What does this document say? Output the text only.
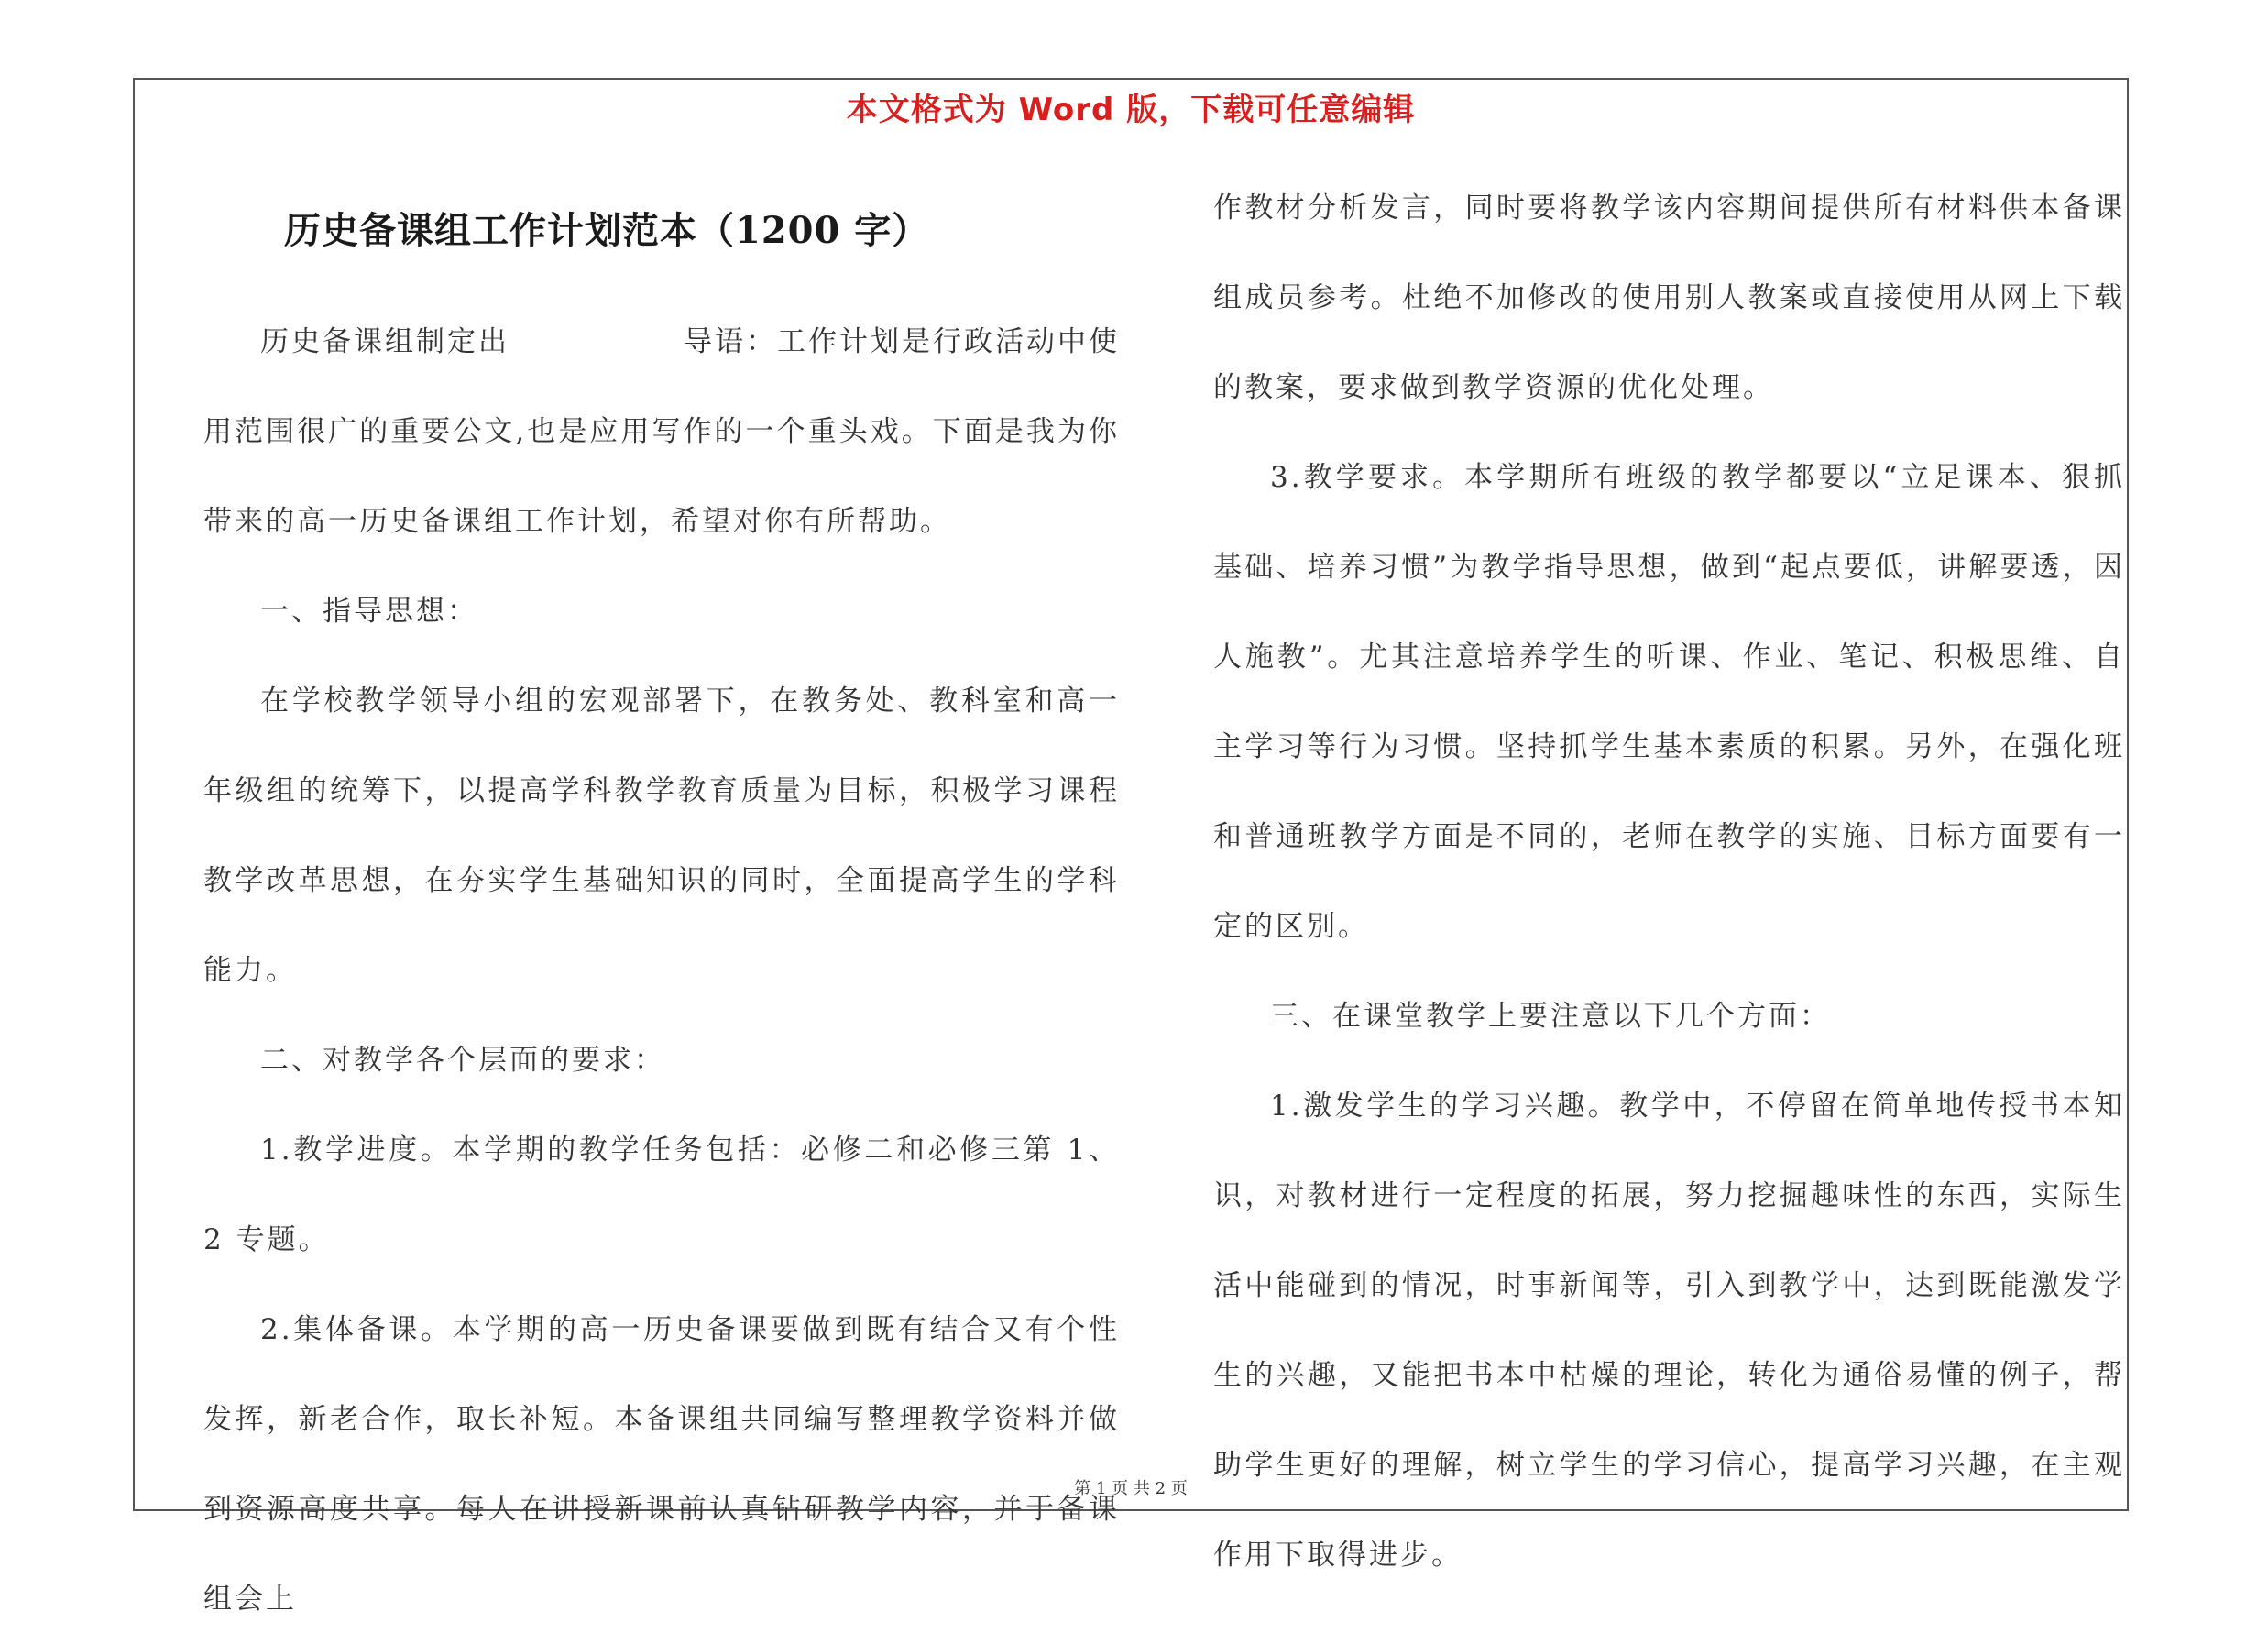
本文格式为 Word 版，下载可任意编辑
历史备课组工作计划范本（1200 字）

历史备课组制定出	导语：工作计划是行政活动中使用范围很广的重要公文,也是应用写作的一个重头戏。下面是我为你带来的高一历史备课组工作计划，希望对你有所帮助。

一、指导思想：

在学校教学领导小组的宏观部署下，在教务处、教科室和高一年级组的统筹下，以提高学科教学教育质量为目标，积极学习课程教学改革思想，在夯实学生基础知识的同时，全面提高学生的学科能力。

二、对教学各个层面的要求：

1.教学进度。本学期的教学任务包括：必修二和必修三第 1、2 专题。

2.集体备课。本学期的高一历史备课要做到既有结合又有个性发挥，新老合作，取长补短。本备课组共同编写整理教学资料并做到资源高度共享。每人在讲授新课前认真钻研教学内容，并于备课组会上

作教材分析发言，同时要将教学该内容期间提供所有材料供本备课组成员参考。杜绝不加修改的使用别人教案或直接使用从网上下载的教案，要求做到教学资源的优化处理。

3.教学要求。本学期所有班级的教学都要以“立足课本、狠抓基础、培养习惯”为教学指导思想，做到“起点要低，讲解要透，因人施教”。尤其注意培养学生的听课、作业、笔记、积极思维、自主学习等行为习惯。坚持抓学生基本素质的积累。另外，在强化班和普通班教学方面是不同的，老师在教学的实施、目标方面要有一定的区别。

三、在课堂教学上要注意以下几个方面：

1.激发学生的学习兴趣。教学中，不停留在简单地传授书本知识，对教材进行一定程度的拓展，努力挖掘趣味性的东西，实际生活中能碰到的情况，时事新闻等，引入到教学中，达到既能激发学生的兴趣，又能把书本中枯燥的理论，转化为通俗易懂的例子，帮助学生更好的理解，树立学生的学习信心，提高学习兴趣，在主观作用下取得进步。

第 1 页 共 2 页
